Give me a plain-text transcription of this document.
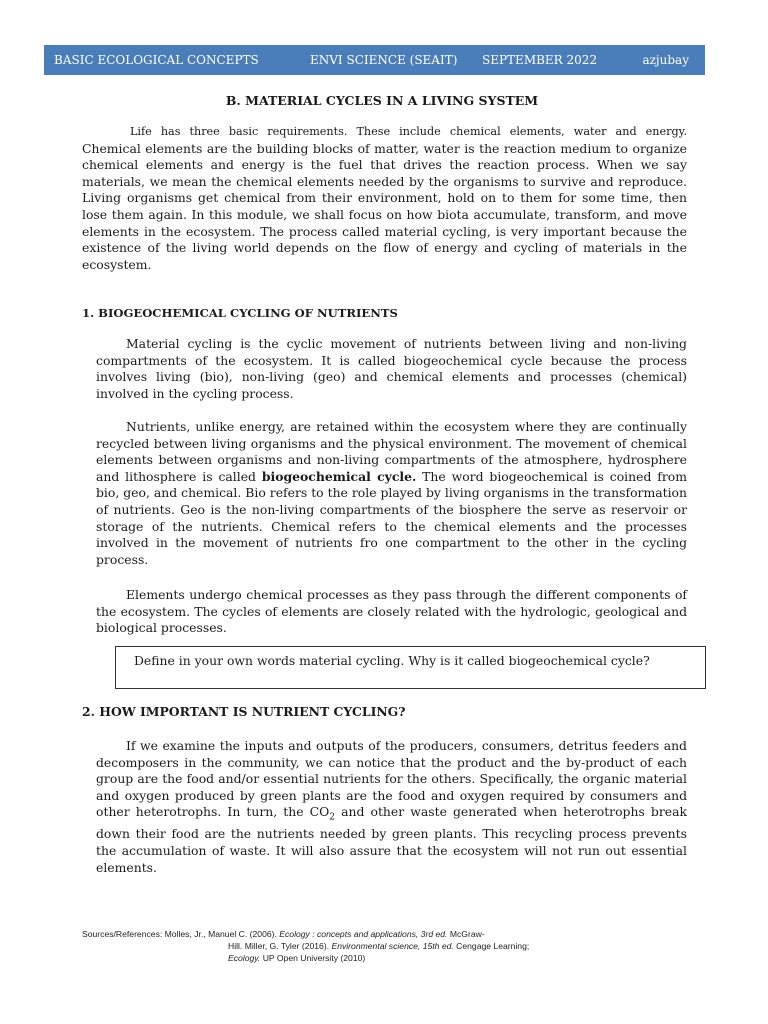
BASIC ECOLOGICAL CONCEPTS	ENVI SCIENCE (SEAIT) SEPTEMBER 2022	azjubay
B. MATERIAL CYCLES IN A LIVING SYSTEM

Life has three basic requirements. These include chemical elements, water and energy. Chemical elements are the building blocks of matter, water is the reaction medium to organize chemical elements and energy is the fuel that drives the reaction process. When we say materials, we mean the chemical elements needed by the organisms to survive and reproduce. Living organisms get chemical from their environment, hold on to them for some time, then lose them again. In this module, we shall focus on how biota accumulate, transform, and move elements in the ecosystem. The process called material cycling, is very important because the existence of the living world depends on the flow of energy and cycling of materials in the ecosystem.

1. BIOGEOCHEMICAL CYCLING OF NUTRIENTS

Material cycling is the cyclic movement of nutrients between living and non-living compartments of the ecosystem. It is called biogeochemical cycle because the process involves living (bio), non-living (geo) and chemical elements and processes (chemical) involved in the cycling process.

Nutrients, unlike energy, are retained within the ecosystem where they are continually recycled between living organisms and the physical environment. The movement of chemical elements between organisms and non-living compartments of the atmosphere, hydrosphere and lithosphere is called biogeochemical cycle. The word biogeochemical is coined from bio, geo, and chemical. Bio refers to the role played by living organisms in the transformation of nutrients. Geo is the non-living compartments of the biosphere the serve as reservoir or storage of the nutrients. Chemical refers to the chemical elements and the processes involved in the movement of nutrients fro one compartment to the other in the cycling process.

Elements undergo chemical processes as they pass through the different components of the ecosystem. The cycles of elements are closely related with the hydrologic, geological and biological processes.

Define in your own words material cycling. Why is it called biogeochemical cycle?
2. HOW IMPORTANT IS NUTRIENT CYCLING?

If we examine the inputs and outputs of the producers, consumers, detritus feeders and decomposers in the community, we can notice that the product and the by-product of each group are the food and/or essential nutrients for the others. Specifically, the organic material and oxygen produced by green plants are the food and oxygen required by consumers and other heterotrophs. In turn, the $CO_2$ and other waste generated when heterotrophs break down their food are the nutrients needed by green plants. This recycling process prevents the accumulation of waste. It will also assure that the ecosystem will not run out essential elements.

Sources/References: Molles, Jr., Manuel C. (2006). Ecology : concepts and applications, 3rd ed. McGraw-
Hill. Miller, G. Tyler (2016). Environmental science, 15th ed. Cengage Learning;
Ecology. UP Open University (2010)
